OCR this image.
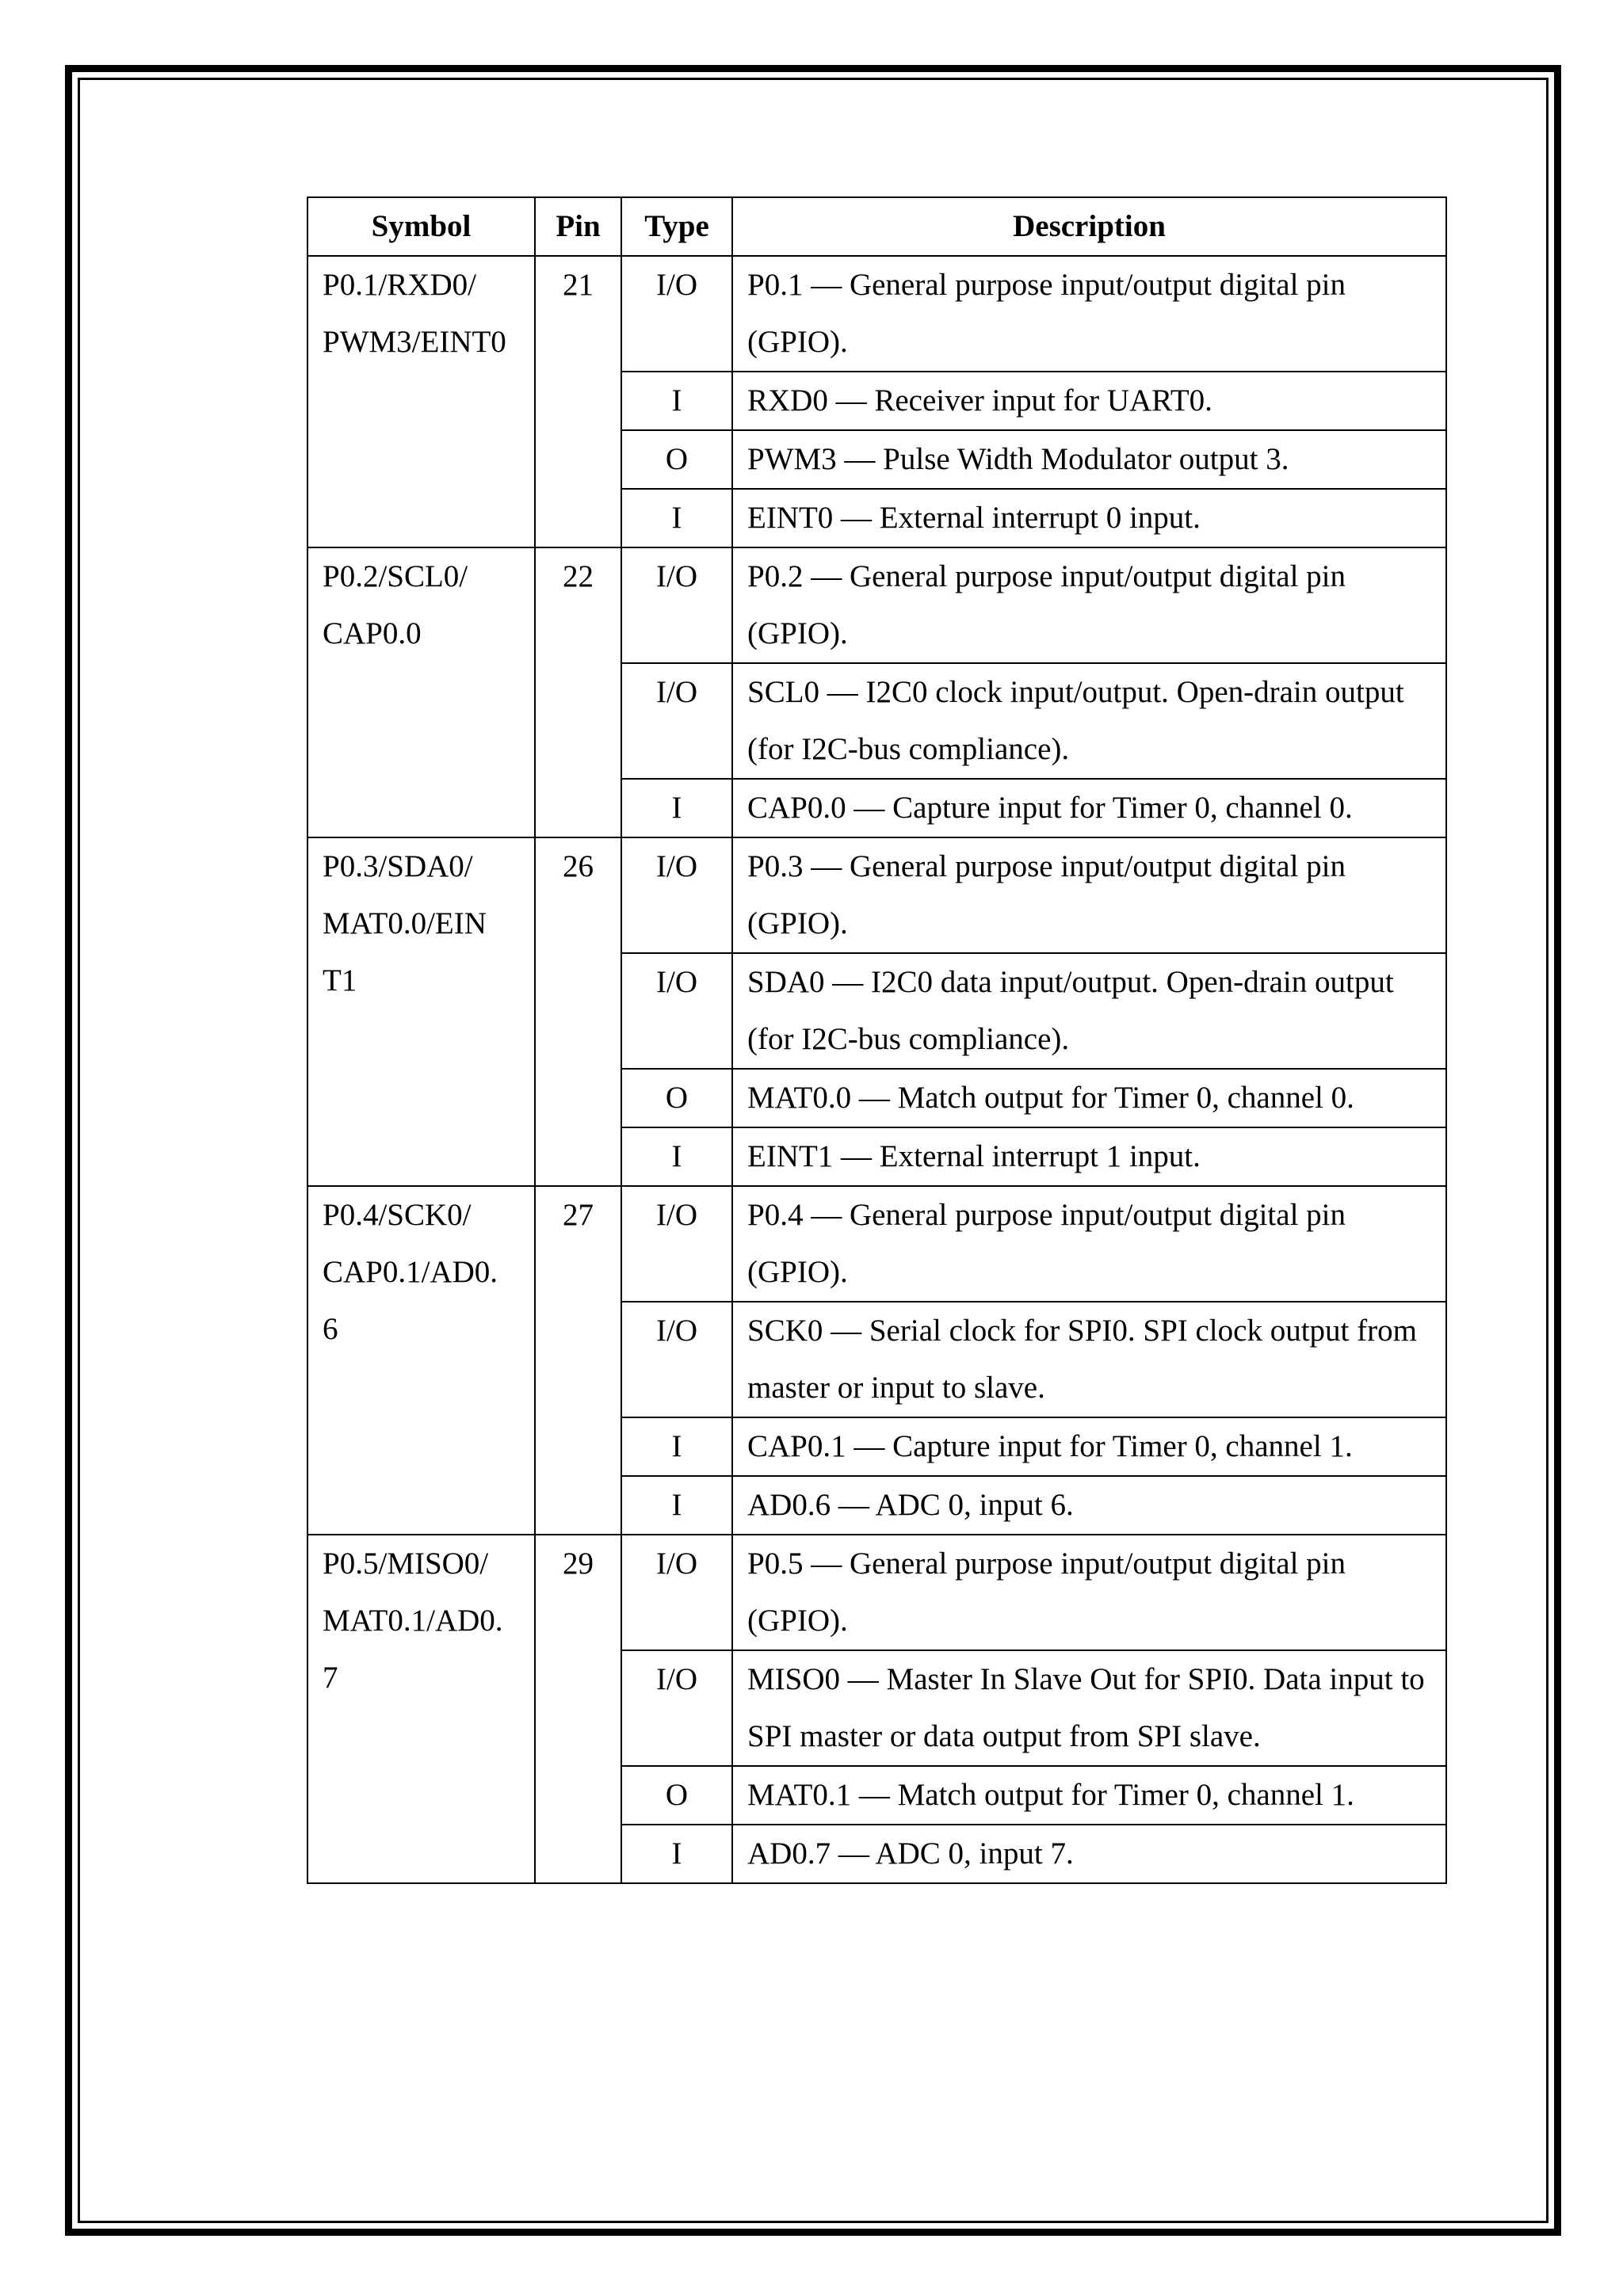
Symbol	Pin	Type	Description
P0.1/RXD0/
PWM3/EINT0	21	I/O	P0.1 — General purpose input/output digital pin (GPIO).
		I	RXD0 — Receiver input for UART0.
		O	PWM3 — Pulse Width Modulator output 3.
		I	EINT0 — External interrupt 0 input.
P0.2/SCL0/
CAP0.0	22	I/O	P0.2 — General purpose input/output digital pin (GPIO).
		I/O	SCL0 — I2C0 clock input/output. Open-drain output (for I2C-bus compliance).
		I	CAP0.0 — Capture input for Timer 0, channel 0.
P0.3/SDA0/
MAT0.0/EIN
T1	26	I/O	P0.3 — General purpose input/output digital pin (GPIO).
		I/O	SDA0 — I2C0 data input/output. Open-drain output (for I2C-bus compliance).
		O	MAT0.0 — Match output for Timer 0, channel 0.
		I	EINT1 — External interrupt 1 input.
P0.4/SCK0/
CAP0.1/AD0.
6	27	I/O	P0.4 — General purpose input/output digital pin (GPIO).
		I/O	SCK0 — Serial clock for SPI0. SPI clock output from master or input to slave.
		I	CAP0.1 — Capture input for Timer 0, channel 1.
		I	AD0.6 — ADC 0, input 6.
P0.5/MISO0/
MAT0.1/AD0.
7	29	I/O	P0.5 — General purpose input/output digital pin (GPIO).
		I/O	MISO0 — Master In Slave Out for SPI0. Data input to SPI master or data output from SPI slave.
		O	MAT0.1 — Match output for Timer 0, channel 1.
		I	AD0.7 — ADC 0, input 7.
